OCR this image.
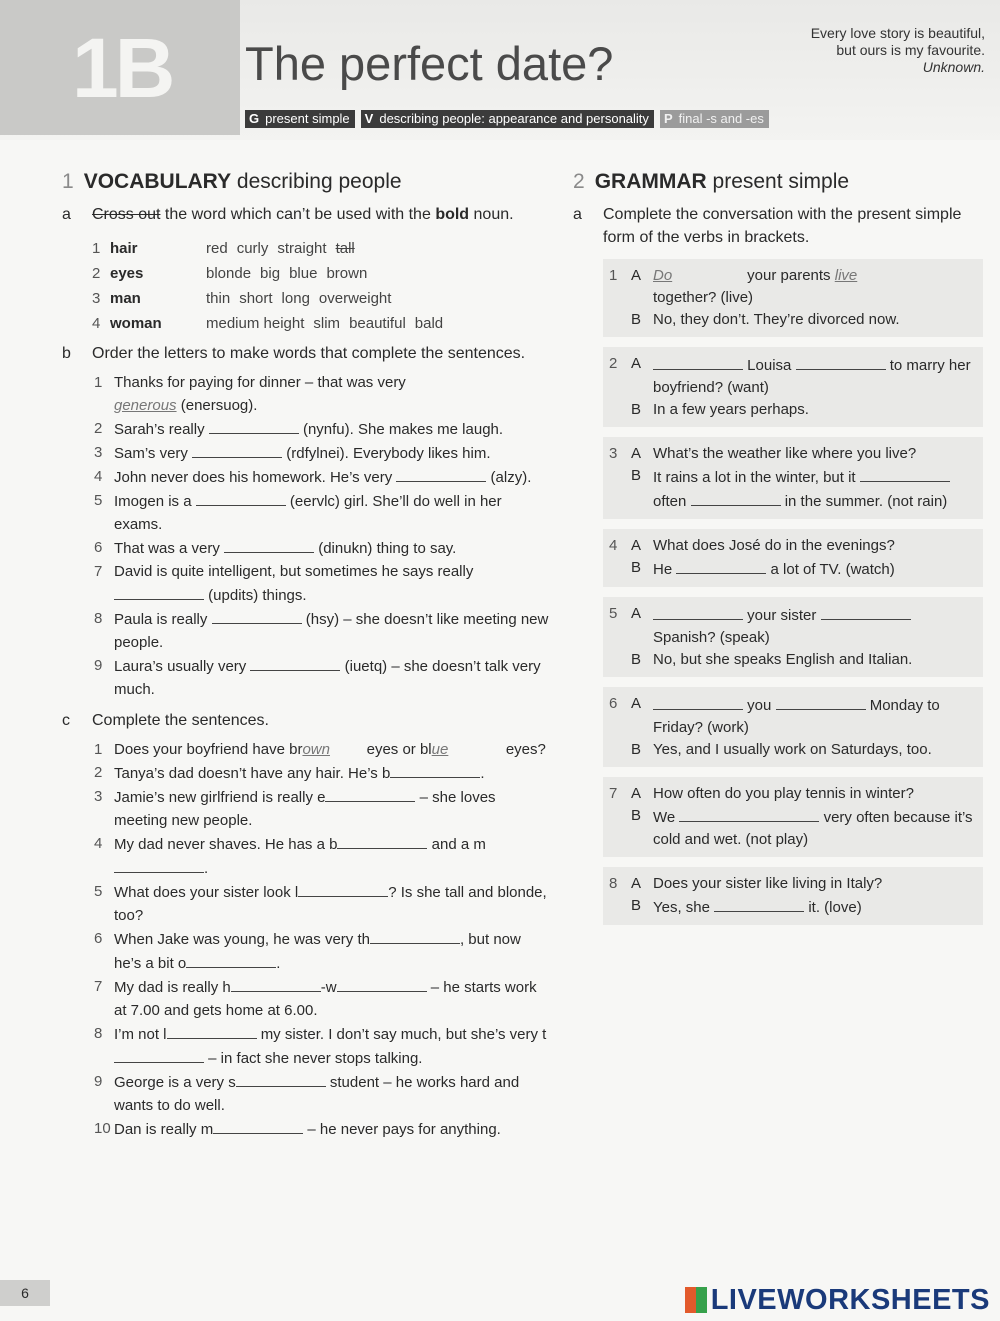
1B The perfect date?
Every love story is beautiful,
but ours is my favourite.
Unknown.
G present simple	V describing people: appearance and personality	P final -s and -es
1 VOCABULARY describing people
a	Cross out the word which can’t be used with the bold noun.
1 hair	red curly straight tall
2 eyes	blonde big blue brown
3 man	thin short long overweight
4 woman	medium height slim beautiful bald
b	Order the letters to make words that complete the sentences.
1 Thanks for paying for dinner – that was very
generous (enersuog).
2 Sarah’s really	(nynfu). She makes me laugh.
3 Sam’s very	(rdfylnei). Everybody likes him.
4 John never does his homework. He’s very	(alzy).
5 Imogen is a	(eervlc) girl. She’ll do well in her exams.
6 That was a very	(dinukn) thing to say.
7 David is quite intelligent, but sometimes he says really
(updits) things.
8 Paula is really	(hsy) – she doesn’t like meeting new people.
9 Laura’s usually very	(iuetq) – she doesn’t talk very much.
c	Complete the sentences.
1 Does your boyfriend have brown eyes or blue	eyes?
2 Tanya’s dad doesn’t have any hair. He’s b	.
3 Jamie’s new girlfriend is really e	– she loves meeting new people.
4 My dad never shaves. He has a b	and a m.
5 What does your sister look l	? Is she tall and blonde, too?
6 When Jake was young, he was very th	, but now he’s a bit o	.
7 My dad is really h	-w	– he starts work at 7.00 and gets home at 6.00.
8 I’m not l	my sister. I don’t say much, but she’s very t – in fact she never stops talking.
9 George is a very s	student – he works hard and wants to do well.
10 Dan is really m	– he never pays for anything.
2 GRAMMAR present simple
a	Complete the conversation with the present simple form of the verbs in brackets.
1 A Do	your parents live together? (live)
B No, they don’t. They’re divorced now.
2 A	Louisa	to marry her boyfriend? (want)
B In a few years perhaps.
3 A What’s the weather like where you live?
B It rains a lot in the winter, but it  often	in the summer. (not rain)
4 A What does José do in the evenings?
B He	a lot of TV. (watch)
5 A	your sister  Spanish? (speak)
B No, but she speaks English and Italian.
6 A	you	Monday to Friday? (work)
B Yes, and I usually work on Saturdays, too.
7 A How often do you play tennis in winter?
B We	very often because it’s cold and wet. (not play)
8 A Does your sister like living in Italy?
B Yes, she	it. (love)
6	LIVEWORKSHEETS
